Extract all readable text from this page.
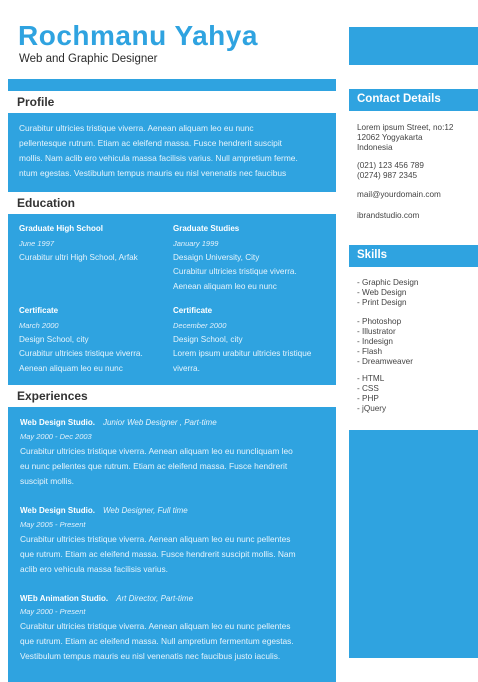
Rochmanu Yahya
Web and Graphic Designer
Profile
Curabitur ultricies tristique viverra. Aenean aliquam leo eu nunc
pellentesque rutrum. Etiam ac eleifend massa. Fusce hendrerit suscipit
mollis. Nam aclib ero vehicula massa facilisis varius. Null ampretium ferme.
ntum egestas. Vestibulum tempus mauris eu nisl venenatis nec faucibus
Education
Graduate High School
June 1997
Curabitur ultri High School, Arfak
Graduate Studies
January 1999
Desaign University, City
Curabitur ultricies tristique viverra.
Aenean aliquam leo eu nunc
Certificate
March 2000
Design School, city
Curabitur ultricies tristique viverra.
Aenean aliquam leo eu nunc
Certificate
December 2000
Design School, city
Lorem ipsum urabitur ultricies tristique
viverra.
Experiences
Web Design Studio. Junior Web Designer , Part-time
May 2000 - Dec 2003
Curabitur ultricies tristique viverra. Aenean aliquam leo eu nuncliquam leo
eu nunc pellentes que rutrum. Etiam ac eleifend massa. Fusce hendrerit
suscipit mollis.
Web Design Studio. Web Designer, Full time
May 2005 - Present
Curabitur ultricies tristique viverra. Aenean aliquam leo eu nunc pellentes
que rutrum. Etiam ac eleifend massa. Fusce hendrerit suscipit mollis. Nam
aclib ero vehicula massa facilisis varius.
WEb Animation Studio. Art Director, Part-time
May 2000 - Present
Curabitur ultricies tristique viverra. Aenean aliquam leo eu nunc pellentes
que rutrum. Etiam ac eleifend massa. Null ampretium fermentum egestas.
Vestibulum tempus mauris eu nisl venenatis nec faucibus justo iaculis.
Contact Details
Lorem ipsum Street, no:12
12062 Yogyakarta
Indonesia
(021) 123 456 789
(0274) 987 2345
mail@yourdomain.com
ibrandstudio.com
Skills
- Graphic Design
- Web Design
- Print Design
- Photoshop
- Illustrator
- Indesign
- Flash
- Dreamweaver
- HTML
- CSS
- PHP
- jQuery
